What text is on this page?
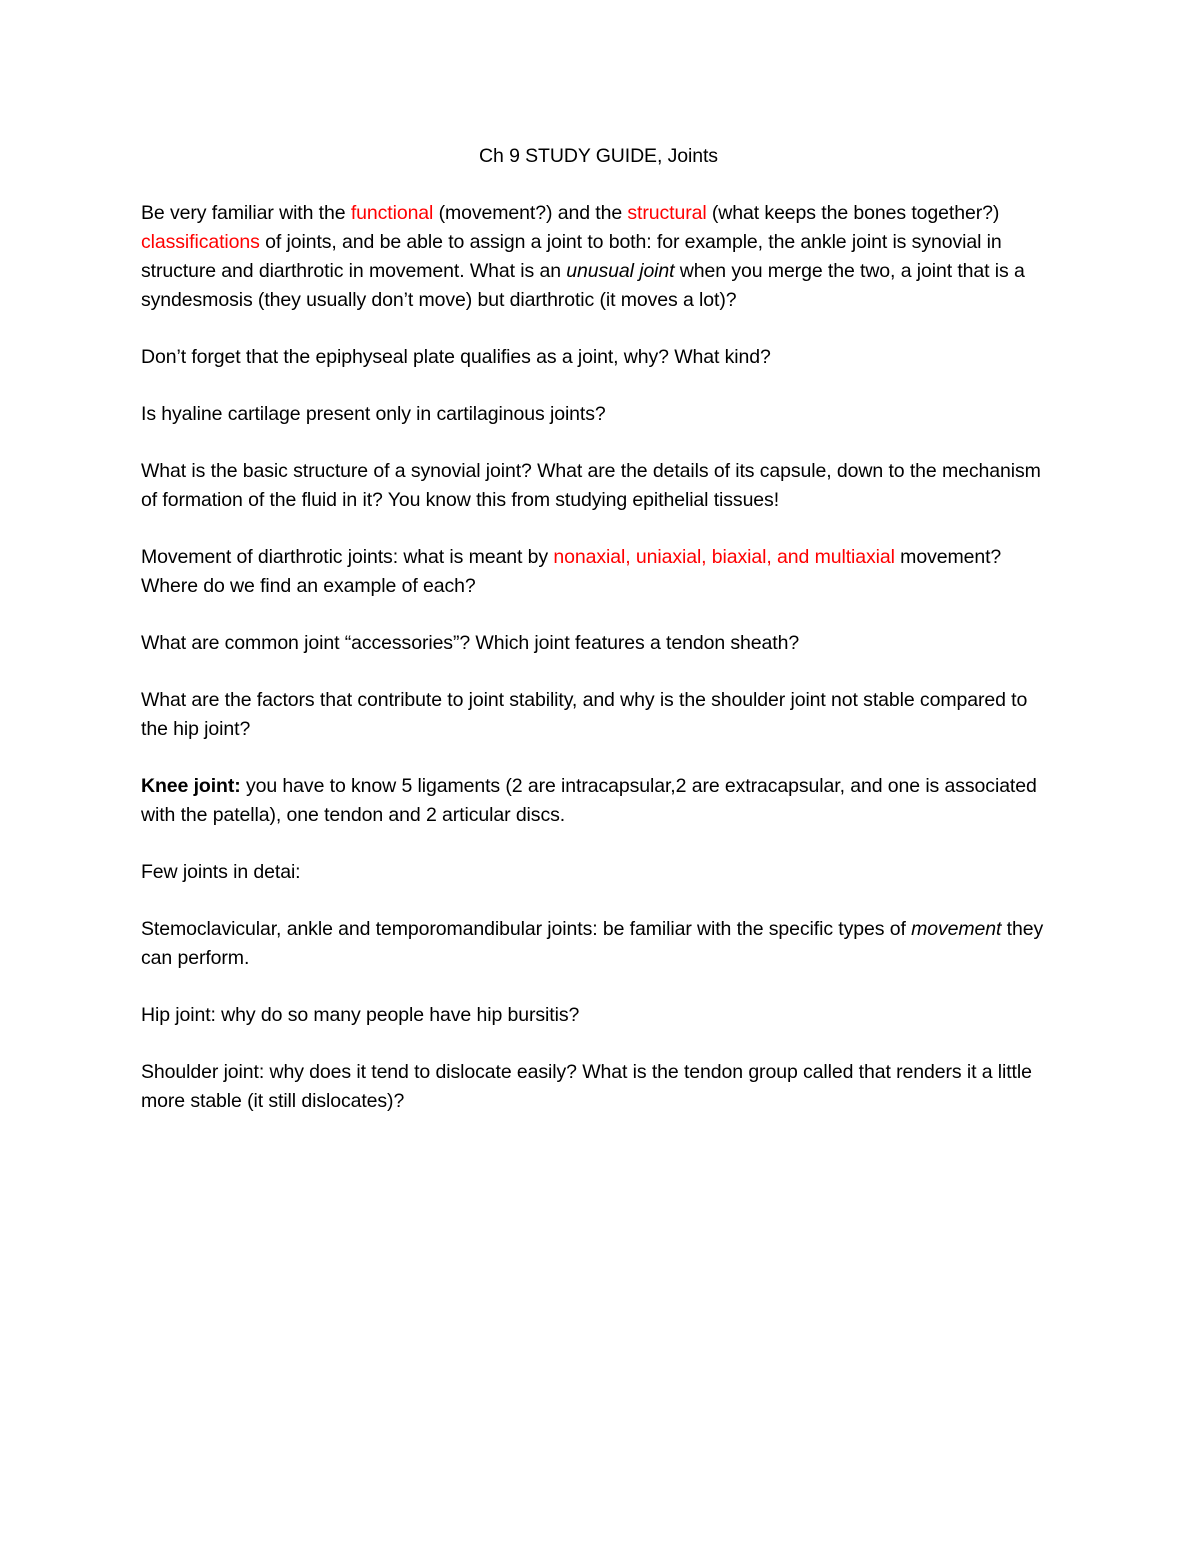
Ch 9 STUDY GUIDE, Joints

Be very familiar with the functional (movement?) and the structural (what keeps the bones together?) classifications of joints, and be able to assign a joint to both: for example, the ankle joint is synovial in structure and diarthrotic in movement. What is an unusual joint when you merge the two, a joint that is a syndesmosis (they usually don’t move) but diarthrotic (it moves a lot)?

Don’t forget that the epiphyseal plate qualifies as a joint, why? What kind?

Is hyaline cartilage present only in cartilaginous joints?

What is the basic structure of a synovial joint? What are the details of its capsule, down to the mechanism of formation of the fluid in it? You know this from studying epithelial tissues!

Movement of diarthrotic joints: what is meant by nonaxial, uniaxial, biaxial, and multiaxial movement? Where do we find an example of each?

What are common joint “accessories”? Which joint features a tendon sheath?

What are the factors that contribute to joint stability, and why is the shoulder joint not stable compared to the hip joint?

Knee joint: you have to know 5 ligaments (2 are intracapsular,2 are extracapsular, and one is associated with the patella), one tendon and 2 articular discs.

Few joints in detai:

Stemoclavicular, ankle and temporomandibular joints: be familiar with the specific types of movement they can perform.

Hip joint: why do so many people have hip bursitis?

Shoulder joint: why does it tend to dislocate easily? What is the tendon group called that renders it a little more stable (it still dislocates)?
